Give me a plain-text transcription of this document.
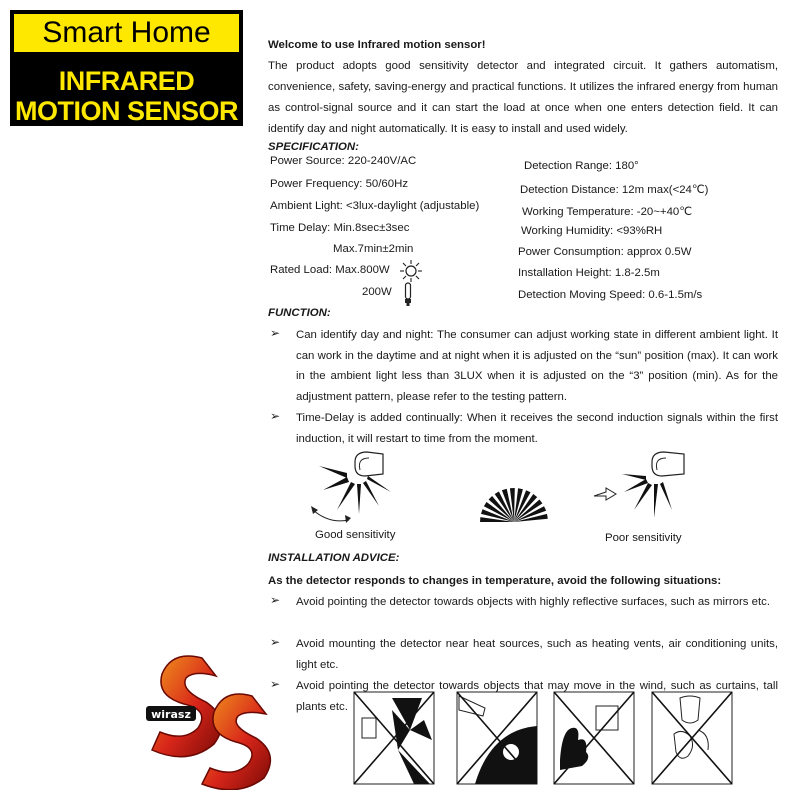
Smart Home
INFRARED
MOTION SENSOR
Welcome to use Infrared motion sensor!
The product adopts good sensitivity detector and integrated circuit. It gathers automatism, convenience, safety, saving-energy and practical functions. It utilizes the infrared energy from human as control-signal source and it can start the load at once when one enters detection field. It can identify day and night automatically. It is easy to install and used widely.
SPECIFICATION:
Power Source: 220-240V/AC
Power Frequency: 50/60Hz
Ambient Light: <3lux-daylight (adjustable)
Time Delay: Min.8sec±3sec
Max.7min±2min
Rated Load: Max.800W
200W
Detection Range: 180°
Detection Distance: 12m max(<24℃)
Working Temperature: -20~+40℃
Working Humidity: <93%RH
Power Consumption: approx 0.5W
Installation Height: 1.8-2.5m
Detection Moving Speed: 0.6-1.5m/s
FUNCTION:
➢ Can identify day and night: The consumer can adjust working state in different ambient light. It can work in the daytime and at night when it is adjusted on the “sun” position (max). It can work in the ambient light less than 3LUX when it is adjusted on the “3” position (min). As for the adjustment pattern, please refer to the testing pattern.
➢ Time-Delay is added continually: When it receives the second induction signals within the first induction, it will restart to time from the moment.
Good sensitivity	Poor sensitivity
INSTALLATION ADVICE:
As the detector responds to changes in temperature, avoid the following situations:
➢ Avoid pointing the detector towards objects with highly reflective surfaces, such as mirrors etc.
➢ Avoid mounting the detector near heat sources, such as heating vents, air conditioning units, light etc.
➢ Avoid pointing the detector towards objects that may move in the wind, such as curtains, tall plants etc.
wirasz
